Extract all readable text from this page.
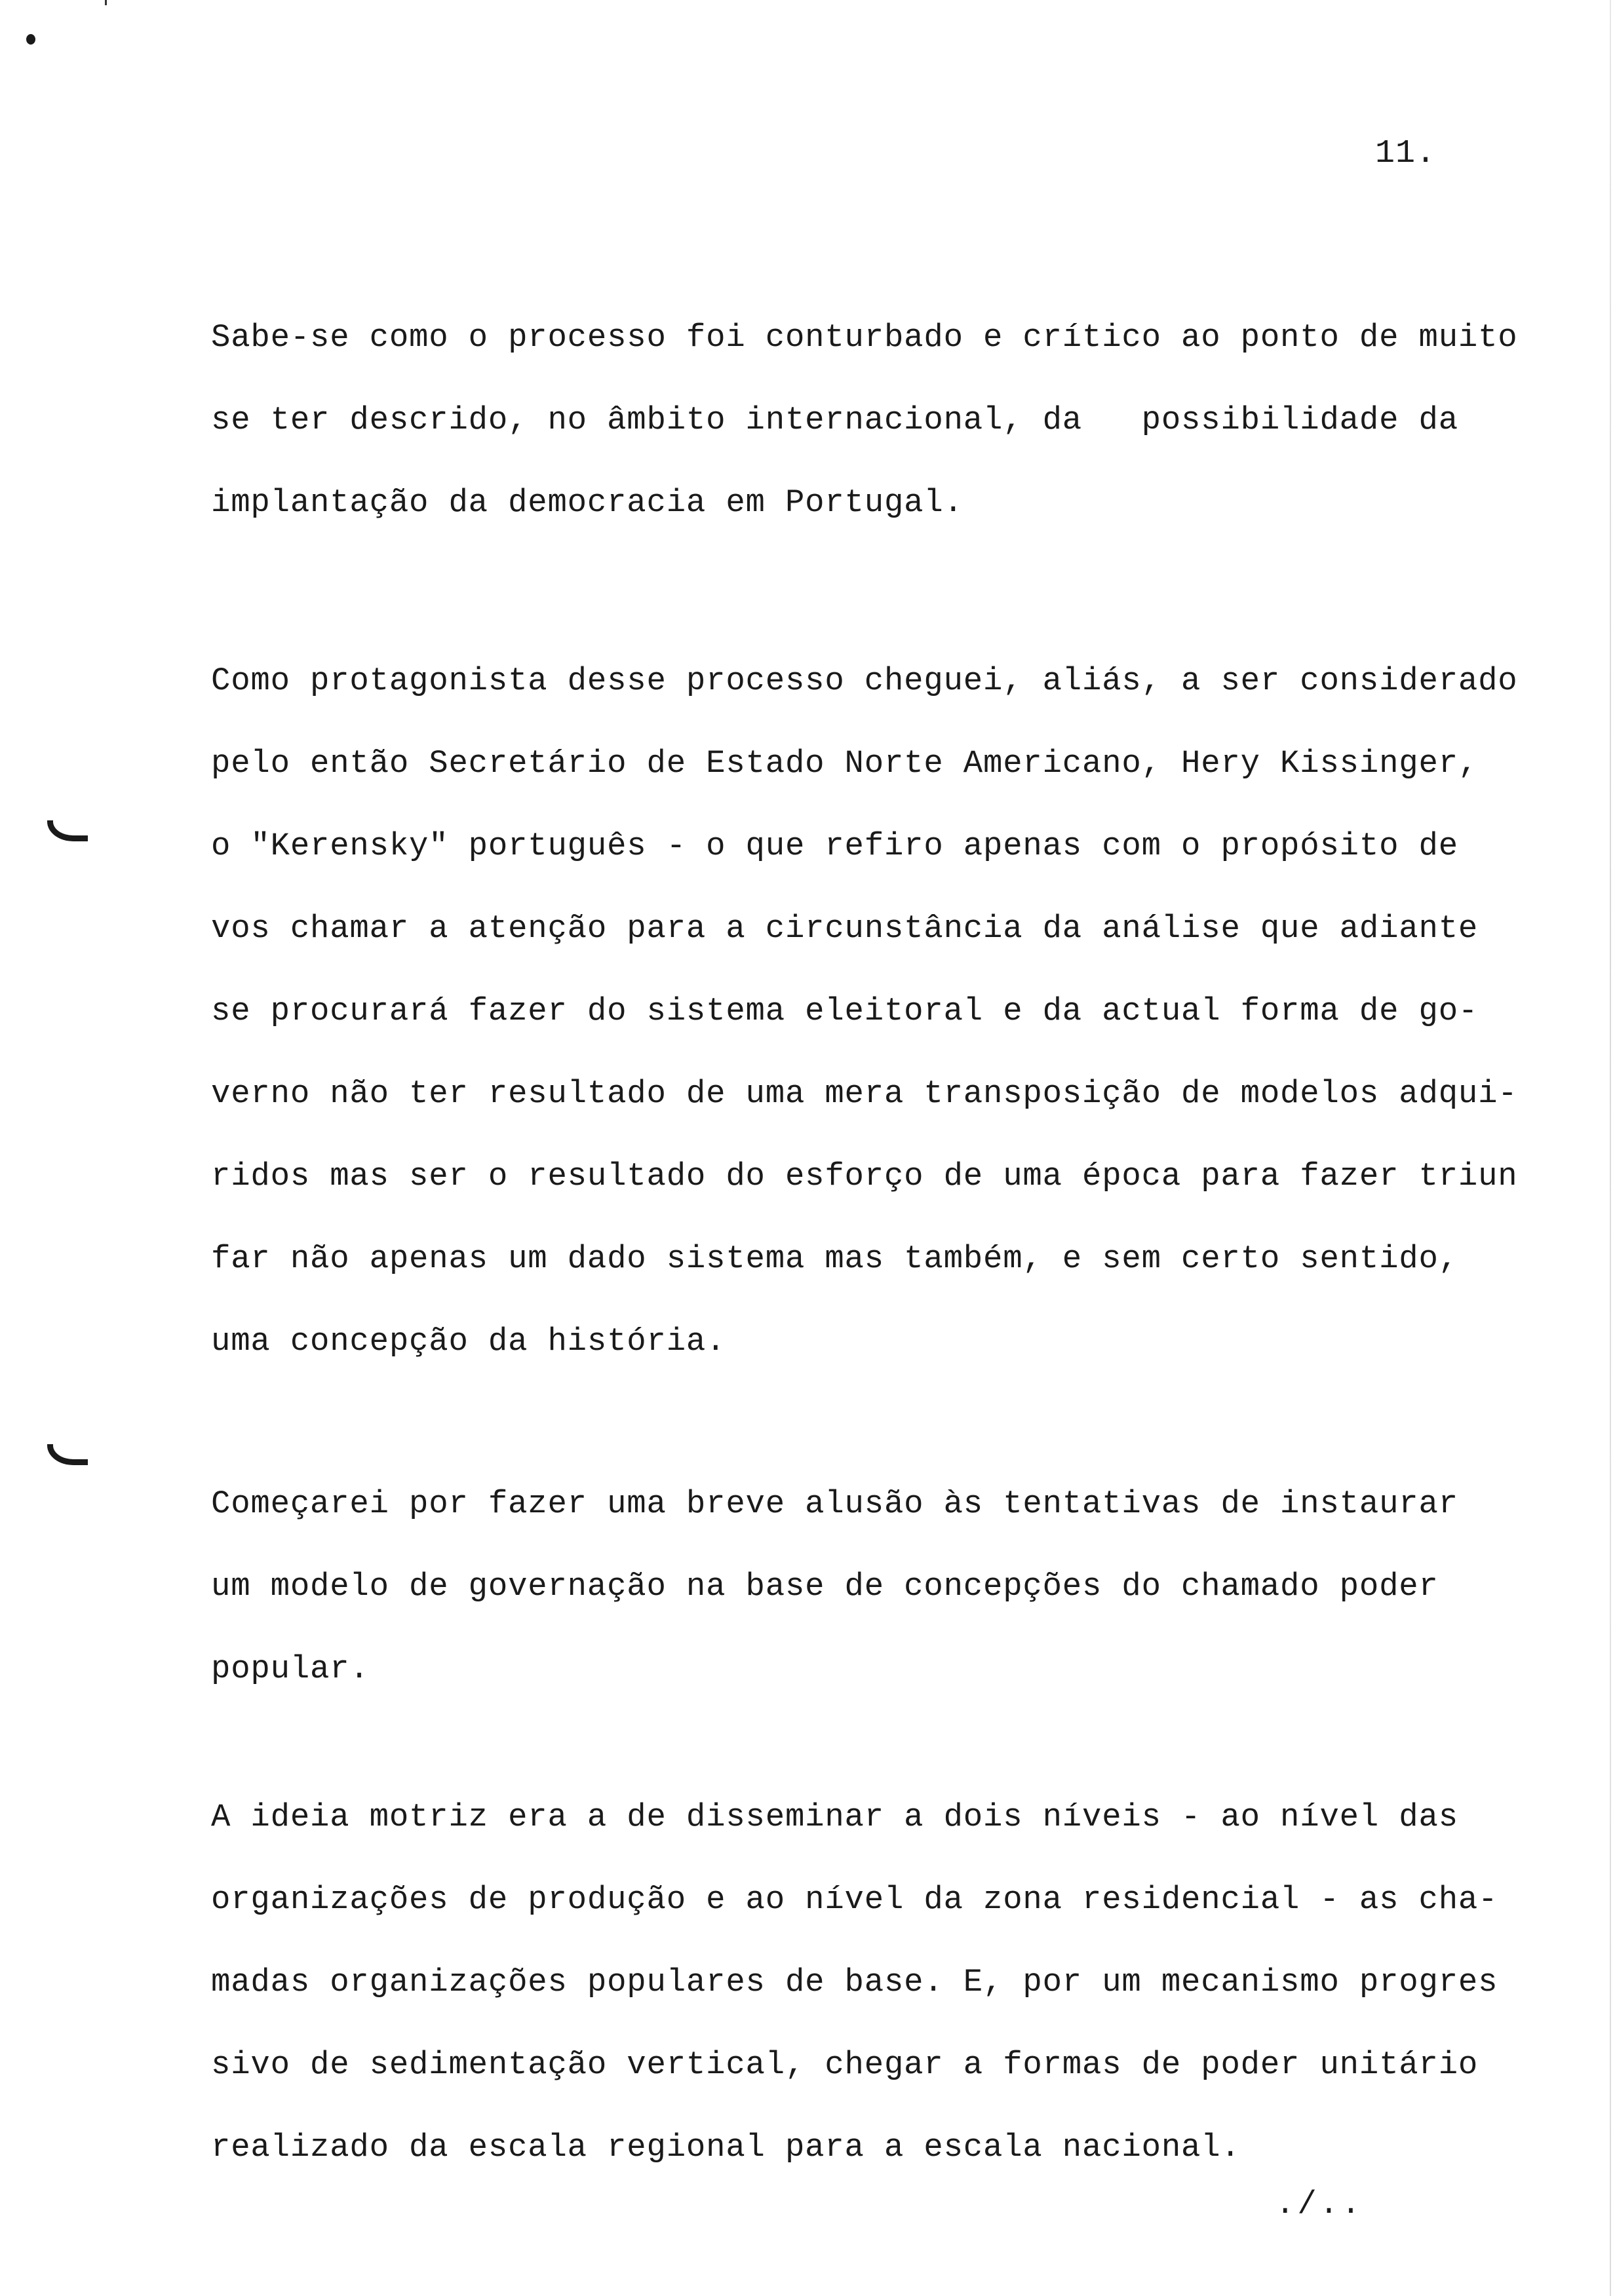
11.
Sabe-se como o processo foi conturbado e crítico ao ponto de muito
se ter descrido, no âmbito internacional, da   possibilidade da
implantação da democracia em Portugal.
Como protagonista desse processo cheguei, aliás, a ser considerado
pelo então Secretário de Estado Norte Americano, Hery Kissinger,
o "Kerensky" português - o que refiro apenas com o propósito de
vos chamar a atenção para a circunstância da análise que adiante
se procurará fazer do sistema eleitoral e da actual forma de go-
verno não ter resultado de uma mera transposição de modelos adqui-
ridos mas ser o resultado do esforço de uma época para fazer triun
far não apenas um dado sistema mas também, e sem certo sentido,
uma concepção da história.
Começarei por fazer uma breve alusão às tentativas de instaurar
um modelo de governação na base de concepções do chamado poder
popular.
A ideia motriz era a de disseminar a dois níveis - ao nível das
organizações de produção e ao nível da zona residencial - as cha-
madas organizações populares de base. E, por um mecanismo progres
sivo de sedimentação vertical, chegar a formas de poder unitário
realizado da escala regional para a escala nacional.
./..
